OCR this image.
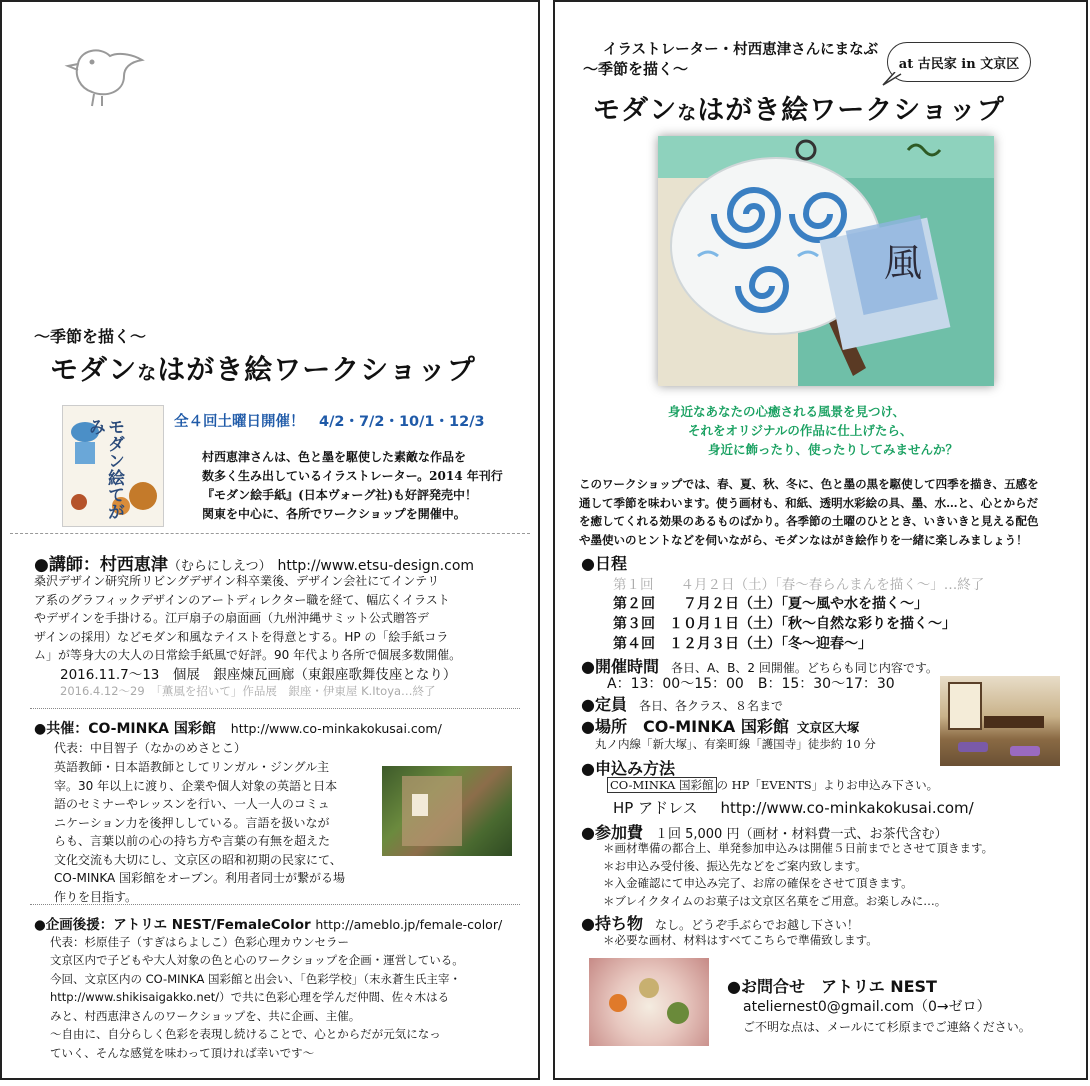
〜季節を描く〜
モダンなはがき絵ワークショップ
モダン絵てがみ	全４回土曜日開催！　4/2・7/2・10/1・12/3
村西恵津さんは、色と墨を駆使した素敵な作品を
数多く生み出しているイラストレーター。2014 年刊行
『モダン絵手紙』(日本ヴォーグ社)も好評発売中！
関東を中心に、各所でワークショップを開催中。
●講師：村西恵津（むらにしえつ） http://www.etsu-design.com
桑沢デザイン研究所リビングデザイン科卒業後、デザイン会社にてインテリ
ア系のグラフィックデザインのアートディレクター職を経て、幅広くイラスト
やデザインを手掛ける。江戸扇子の扇面画（九州沖縄サミット公式贈答デ
ザインの採用）などモダン和風なテイストを得意とする。HP の「絵手紙コラ
ム」が等身大の大人の日常絵手紙風で好評。90 年代より各所で個展多数開催。
2016.11.7〜13　個展　銀座煉瓦画廊（東銀座歌舞伎座となり）
2016.4.12〜29　「薫風を招いて」作品展　銀座・伊東屋 K.Itoya…終了
●共催：CO-MINKA 国彩館 http://www.co-minkakokusai.com/
代表：中目智子（なかのめさとこ）
英語教師・日本語教師としてリンガル・ジングル主
宰。30 年以上に渡り、企業や個人対象の英語と日本
語のセミナーやレッスンを行い、一人一人のコミュ
ニケーション力を後押ししている。言語を扱いなが
らも、言葉以前の心の持ち方や言葉の有無を超えた
文化交流も大切にし、文京区の昭和初期の民家にて、
CO-MINKA 国彩館をオープン。利用者同士が繋がる場
作りを目指す。
●企画後援：アトリエ NEST/FemaleColor http://ameblo.jp/female-color/
代表：杉原佳子（すぎはらよしこ）色彩心理カウンセラー
文京区内で子どもや大人対象の色と心のワークショップを企画・運営している。
今回、文京区内の CO-MINKA 国彩館と出会い、「色彩学校」（末永蒼生氏主宰・
http://www.shikisaigakko.net/）で共に色彩心理を学んだ仲間、佐々木はる
みと、村西恵津さんのワークショップを、共に企画、主催。
〜自由に、自分らしく色彩を表現し続けることで、心とからだが元気になっ
ていく、そんな感覚を味わって頂ければ幸いです〜
イラストレーター・村西恵津さんにまなぶ
〜季節を描く〜	at 古民家 in 文京区
モダンなはがき絵ワークショップ
風
身近なあなたの心癒される風景を見つけ、
それをオリジナルの作品に仕上げたら、
身近に飾ったり、使ったりしてみませんか？
このワークショップでは、春、夏、秋、冬に、色と墨の黒を駆使して四季を描き、五感を
通して季節を味わいます。使う画材も、和紙、透明水彩絵の具、墨、水…と、心とからだ
を癒してくれる効果のあるものばかり。各季節の土曜のひととき、いきいきと見える配色
や墨使いのヒントなどを伺いながら、モダンなはがき絵作りを一緒に楽しみましょう！
●日程
第１回　　４月２日（土）「春〜春らんまんを描く〜」…終了
第２回　　７月２日（土）「夏〜風や水を描く〜」
第３回　１０月１日（土）「秋〜自然な彩りを描く〜」
第４回　１２月３日（土）「冬〜迎春〜」
●開催時間 各日、A、B、2 回開催。どちらも同じ内容です。
A：13：00〜15：00　B：15：30〜17：30
●定員 各日、各クラス、８名まで
●場所　CO-MINKA 国彩館 文京区大塚
丸ノ内線「新大塚」、有楽町線「護国寺」徒歩約 10 分
●申込み方法
CO-MINKA 国彩館 の HP「EVENTS」よりお申込み下さい。
HP アドレス http://www.co-minkakokusai.com/
●参加費 １回 5,000 円（画材・材料費一式、お茶代含む）
＊画材準備の都合上、単発参加申込みは開催５日前までとさせて頂きます。
＊お申込み受付後、振込先などをご案内致します。
＊入金確認にて申込み完了、お席の確保をさせて頂きます。
＊ブレイクタイムのお菓子は文京区名菓をご用意。お楽しみに…。
●持ち物 なし。どうぞ手ぶらでお越し下さい！
＊必要な画材、材料はすべてこちらで準備致します。
●お問合せ　アトリエ NEST
ateliernest0@gmail.com（0→ゼロ）
ご不明な点は、メールにて杉原までご連絡ください。
